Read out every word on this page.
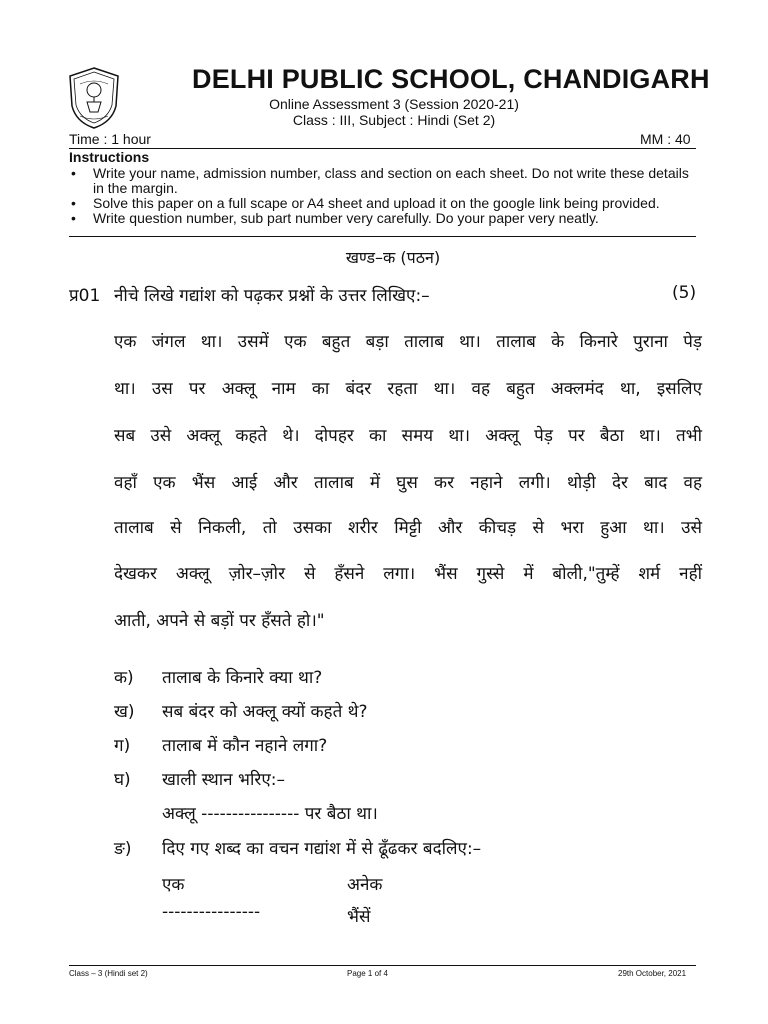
DELHI PUBLIC SCHOOL, CHANDIGARH
Online Assessment 3 (Session 2020-21)
Class : III, Subject : Hindi (Set 2)
Time : 1 hour	MM : 40
Instructions
• Write your name, admission number, class and section on each sheet. Do not write these details in the margin.
• Solve this paper on a full scape or A4 sheet and upload it on the google link being provided.
• Write question number, sub part number very carefully. Do your paper very neatly.
खण्ड–क (पठन)
प्र01 नीचे लिखे गद्यांश को पढ़कर प्रश्नों के उत्तर लिखिए:–	(5)
एक जंगल था। उसमें एक बहुत बड़ा तालाब था। तालाब के किनारे पुराना पेड़
था। उस पर अक्लू नाम का बंदर रहता था। वह बहुत अक्लमंद था, इसलिए
सब उसे अक्लू कहते थे। दोपहर का समय था। अक्लू पेड़ पर बैठा था। तभी
वहाँ एक भैंस आई और तालाब में घुस कर नहाने लगी। थोड़ी देर बाद वह
तालाब से निकली, तो उसका शरीर मिट्टी और कीचड़ से भरा हुआ था। उसे
देखकर अक्लू ज़ोर–ज़ोर से हँसने लगा। भैंस गुस्से में बोली,"तुम्हें शर्म नहीं
आती, अपने से बड़ों पर हँसते हो।"
क) तालाब के किनारे क्या था?
ख) सब बंदर को अक्लू क्यों कहते थे?
ग) तालाब में कौन नहाने लगा?
घ) खाली स्थान भरिए:–
अक्लू ---------------- पर बैठा था।
ङ) दिए गए शब्द का वचन गद्यांश में से ढूँढकर बदलिए:–
एक	अनेक
----------------	भैंसें
Class – 3 (Hindi set 2)	Page 1 of 4	29th October, 2021
